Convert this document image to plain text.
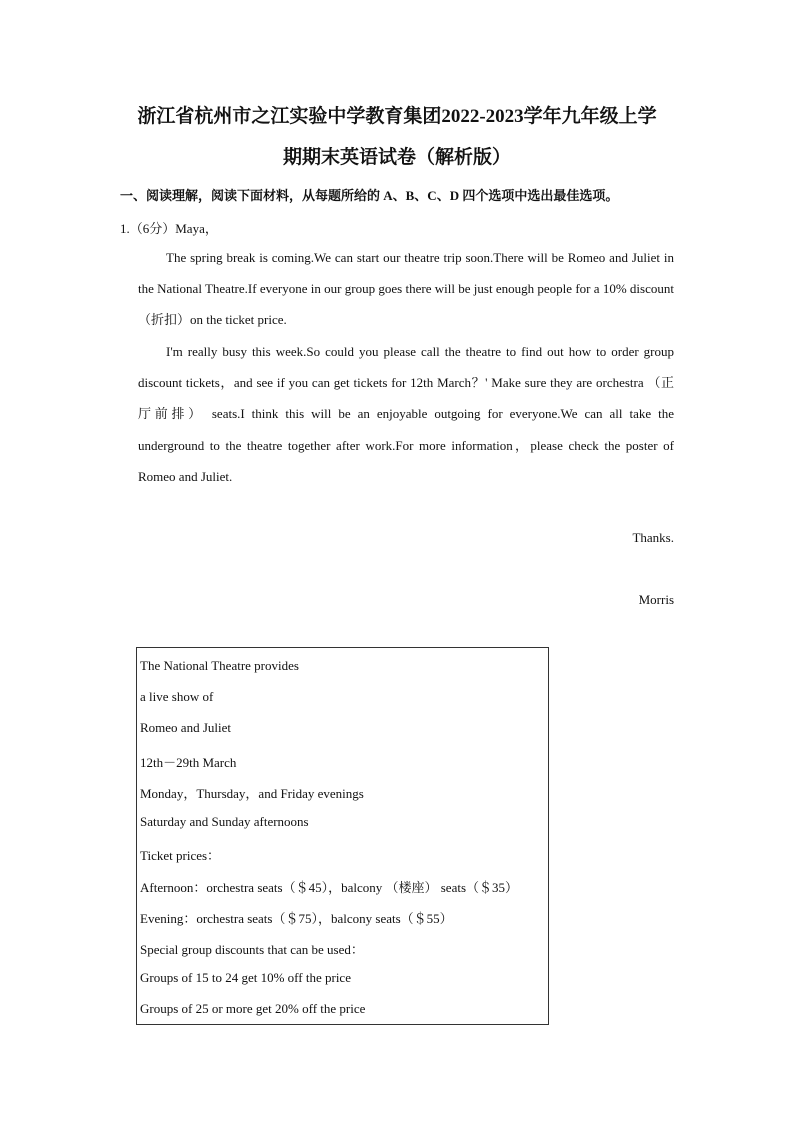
浙江省杭州市之江实验中学教育集团2022-2023学年九年级上学
期期末英语试卷（解析版）
一、阅读理解，阅读下面材料，从每题所给的 A、B、C、D 四个选项中选出最佳选项。
1.（6分）Maya，
The spring break is coming.We can start our theatre trip soon.There will be Romeo and Juliet in the National Theatre.If everyone in our group goes there will be just enough people for a 10% discount （折扣）on the ticket price.
I'm really busy this week.So could you please call the theatre to find out how to order group discount tickets，and see if you can get tickets for 12th March？' Make sure they are orchestra （正厅前排） seats.I think this will be an enjoyable outgoing for everyone.We can all take the underground to the theatre together after work.For more information，please check the poster of Romeo and Juliet.
Thanks.
Morris
The National Theatre provides
a live show of
Romeo and Juliet
12th－29th March
Monday，Thursday，and Friday evenings
Saturday and Sunday afternoons
Ticket prices：
Afternoon：orchestra seats（＄45），balcony （楼座） seats（＄35）
Evening：orchestra seats（＄75），balcony seats（＄55）
Special group discounts that can be used：
Groups of 15 to 24 get 10% off the price
Groups of 25 or more get 20% off the price
